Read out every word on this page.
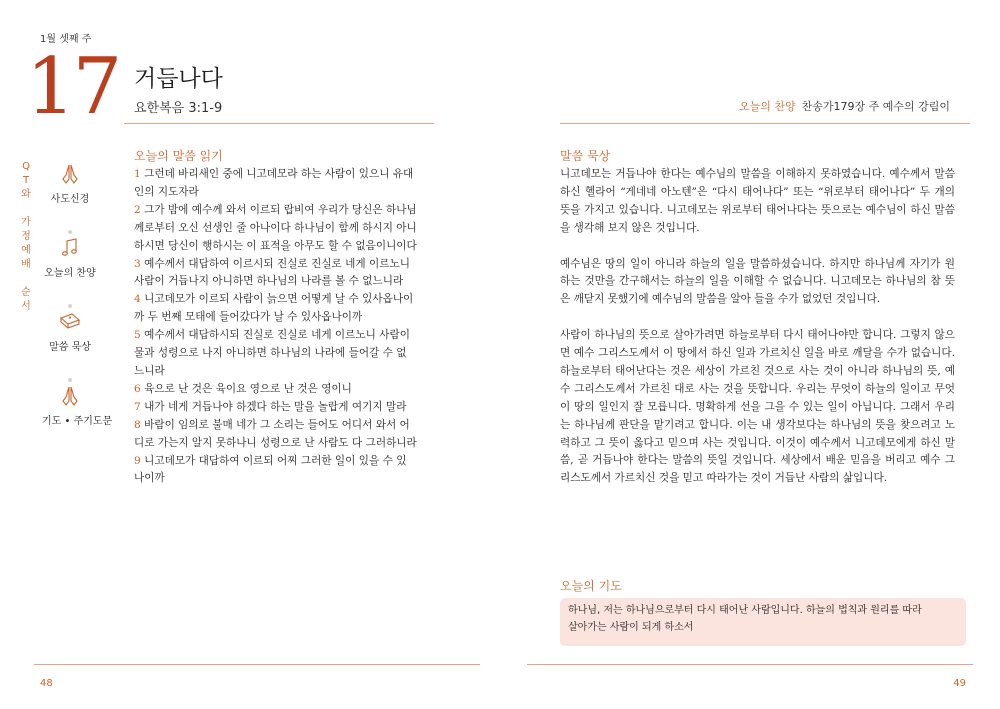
1월 셋째 주
17 거듭나다
요한복음 3:1-9	오늘의 찬양 찬송가179장 주 예수의 강림이
Q
T
와

가
정
예
배

순
서
사도신경
오늘의 찬양
말씀 묵상
기도 • 주기도문
오늘의 말씀 읽기
1 그런데 바리새인 중에 니고데모라 하는 사람이 있으니 유대
인의 지도자라
2 그가 밤에 예수께 와서 이르되 랍비여 우리가 당신은 하나님
께로부터 오신 선생인 줄 아나이다 하나님이 함께 하시지 아니
하시면 당신이 행하시는 이 표적을 아무도 할 수 없음이니이다
3 예수께서 대답하여 이르시되 진실로 진실로 네게 이르노니
사람이 거듭나지 아니하면 하나님의 나라를 볼 수 없느니라
4 니고데모가 이르되 사람이 늙으면 어떻게 날 수 있사옵나이
까 두 번째 모태에 들어갔다가 날 수 있사옵나이까
5 예수께서 대답하시되 진실로 진실로 네게 이르노니 사람이
물과 성령으로 나지 아니하면 하나님의 나라에 들어갈 수 없
느니라
6 육으로 난 것은 육이요 영으로 난 것은 영이니
7 내가 네게 거듭나야 하겠다 하는 말을 놀랍게 여기지 말라
8 바람이 임의로 불매 네가 그 소리는 들어도 어디서 와서 어
디로 가는지 알지 못하나니 성령으로 난 사람도 다 그러하니라
9 니고데모가 대답하여 이르되 어찌 그러한 일이 있을 수 있
나이까
말씀 묵상

니고데모는 거듭나야 한다는 예수님의 말씀을 이해하지 못하였습니다. 예수께서 말씀하신 헬라어 “게네네 아노텐”은 “다시 태어나다” 또는 “위로부터 태어나다” 두 개의 뜻을 가지고 있습니다. 니고데모는 위로부터 태어나다는 뜻으로는 예수님이 하신 말씀을 생각해 보지 않은 것입니다.

예수님은 땅의 일이 아니라 하늘의 일을 말씀하셨습니다. 하지만 하나님께 자기가 원하는 것만을 간구해서는 하늘의 일을 이해할 수 없습니다. 니고데모는 하나님의 참 뜻은 깨닫지 못했기에 예수님의 말씀을 알아 들을 수가 없었던 것입니다.

사람이 하나님의 뜻으로 살아가려면 하늘로부터 다시 태어나야만 합니다. 그렇지 않으면 예수 그리스도께서 이 땅에서 하신 일과 가르치신 일을 바로 깨달을 수가 없습니다. 하늘로부터 태어난다는 것은 세상이 가르친 것으로 사는 것이 아니라 하나님의 뜻, 예수 그리스도께서 가르친 대로 사는 것을 뜻합니다. 우리는 무엇이 하늘의 일이고 무엇이 땅의 일인지 잘 모릅니다. 명확하게 선을 그을 수 있는 일이 아닙니다. 그래서 우리는 하나님께 판단을 맡기려고 합니다. 이는 내 생각보다는 하나님의 뜻을 찾으려고 노력하고 그 뜻이 옳다고 믿으며 사는 것입니다. 이것이 예수께서 니고데모에게 하신 말씀, 곧 거듭나야 한다는 말씀의 뜻일 것입니다. 세상에서 배운 믿음을 버리고 예수 그리스도께서 가르치신 것을 믿고 따라가는 것이 거듭난 사람의 삶입니다.

오늘의 기도
하나님, 저는 하나님으로부터 다시 태어난 사람입니다. 하늘의 법칙과 원리를 따라
살아가는 사람이 되게 하소서
48	49
